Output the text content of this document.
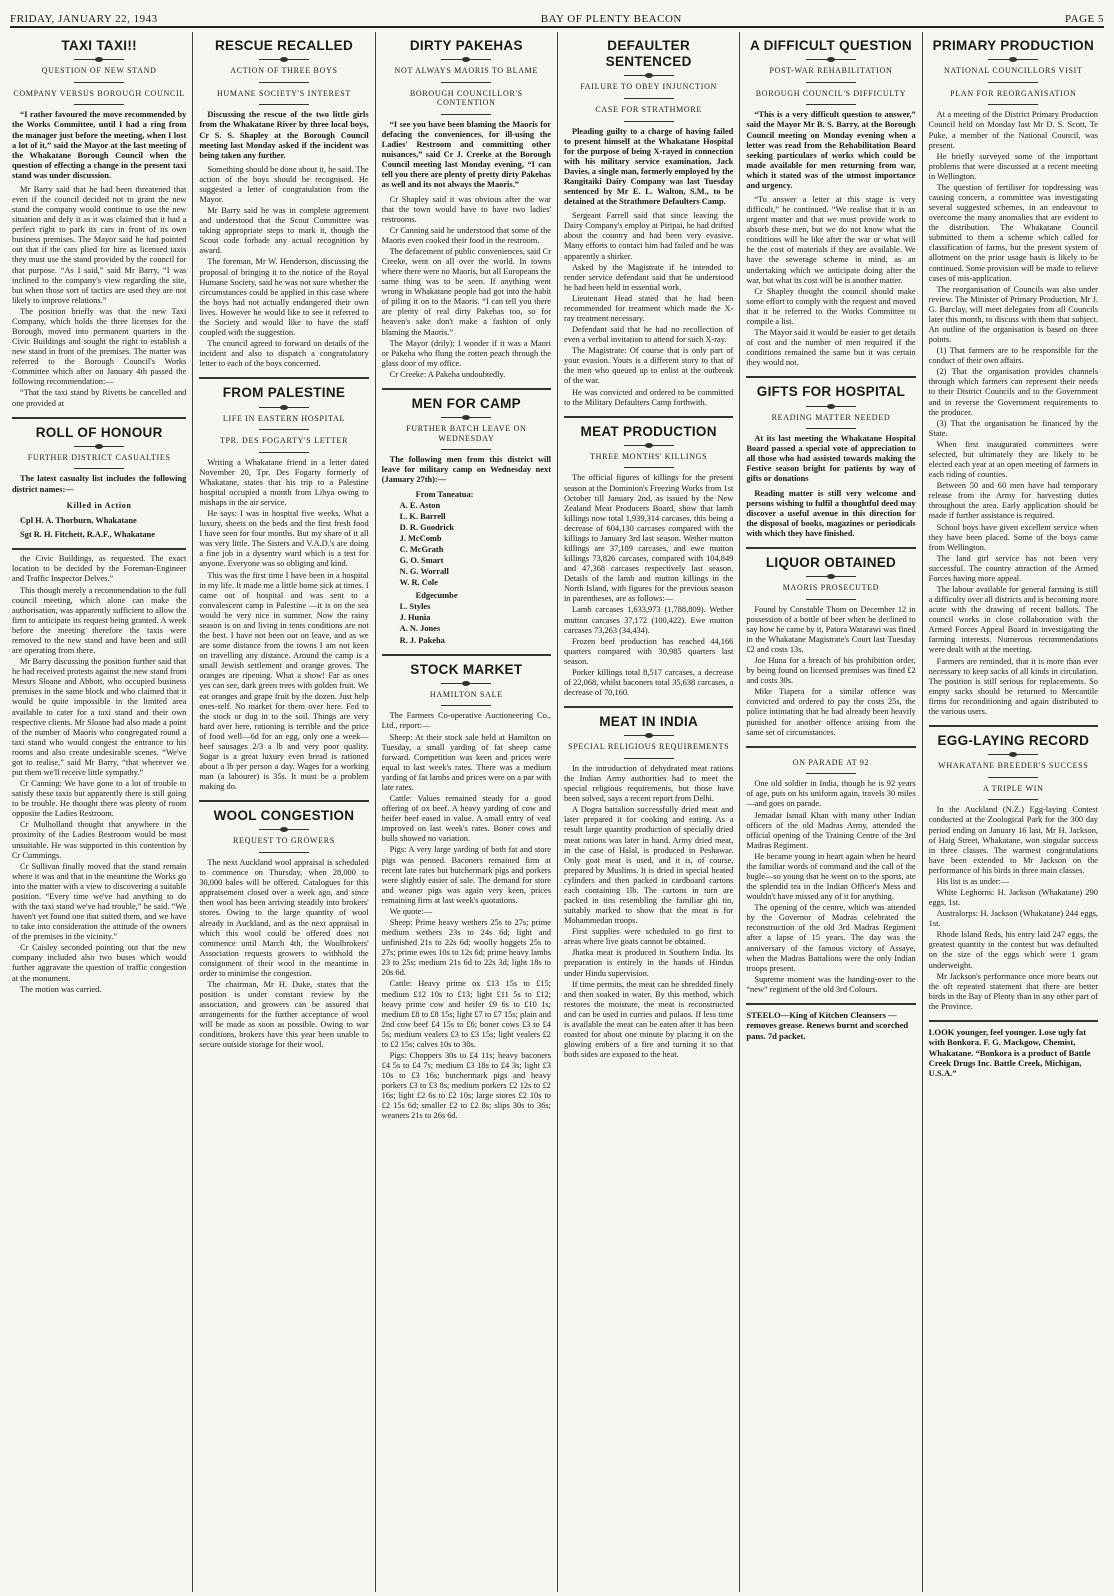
FRIDAY, JANUARY 22, 1943	BAY OF PLENTY BEACON	PAGE 5
TAXI TAXI!!
QUESTION OF NEW STAND
COMPANY VERSUS BOROUGH COUNCIL

“I rather favoured the move recommended by the Works Committee, until I had a ring from the manager just before the meeting, when I lost a lot of it,” said the Mayor at the last meeting of the Whakatane Borough Council when the question of effecting a change in the present taxi stand was under discussion.

Mr Barry said that he had been threatened that even if the council decided not to grant the new stand the company would continue to use the new situation and defy it as it was claimed that it had a perfect right to park its cars in front of its own business premises. The Mayor said he had pointed out that if the cars plied for hire as licensed taxis they must use the stand provided by the council for that purpose. “As I said,” said Mr Barry, “I was inclined to the company's view regarding the site, but when those sort of tactics are used they are not likely to improve relations.”

The position briefly was that the new Taxi Company, which holds the three licenses for the Borough, moved into permanent quarters in the Civic Buildings and sought the right to establish a new stand in front of the premises. The matter was referred to the Borough Council's Works Committee which after on January 4th passed the following recommendation:—

“That the taxi stand by Rivetts be cancelled and one provided at

ROLL OF HONOUR
FURTHER DISTRICT CASUALTIES

The latest casualty list includes the following district names:—

Killed in Action

Cpl H. A. Thorburn, Whakatane

Sgt R. H. Fitchett, R.A.F., Whakatane

the Civic Buildings, as requested. The exact location to be decided by the Foreman-Engineer and Traffic Inspector Delves.”

This though merely a recommendation to the full council meeting, which alone can make the authorisation, was apparently sufficient to allow the firm to anticipate its request being granted. A week before the meeting therefore the taxis were removed to the new stand and have been and still are operating from there.

Mr Barry discussing the position further said that he had received protests against the new stand from Messrs Sloane and Abbott, who occupied business premises in the same block and who claimed that it would be quite impossible in the limited area available to cater for a taxi stand and their own respective clients. Mr Sloane had also made a point of the number of Maoris who congregated round a taxi stand who would congest the entrance to his rooms and also create undesirable scenes. “We've got to realise,” said Mr Barry, “that wherever we put them we'll receive little sympathy.”

Cr Canning: We have gone to a lot of trouble to satisfy these taxis but apparently there is still going to be trouble. He thought there was plenty of room opposite the Ladies Restroom.

Cr Mulholland thought that anywhere in the proximity of the Ladies Restroom would be most unsuitable. He was supported in this contention by Cr Cummings.

Cr Sullivan finally moved that the stand remain where it was and that in the meantime the Works go into the matter with a view to discovering a suitable position. “Every time we've had anything to do with the taxi stand we've had trouble,” he said. “We haven't yet found one that suited them, and we have to take into consideration the attitude of the owners of the premises in the vicinity.”

Cr Caisley seconded pointing out that the new company included also two buses which would further aggravate the question of traffic congestion at the monument.

The motion was carried.

RESCUE RECALLED
ACTION OF THREE BOYS
HUMANE SOCIETY'S INTEREST

Discussing the rescue of the two little girls from the Whakatane River by three local boys, Cr S. S. Shapley at the Borough Council meeting last Monday asked if the incident was being taken any further.

Something should be done about it, he said. The action of the boys should be recognised. He suggested a letter of congratulation from the Mayor.

Mr Barry said he was in complete agreement and understood that the Scout Committee was taking appropriate steps to mark it, though the Scout code forbade any actual recognition by award.

The foreman, Mr W. Henderson, discussing the proposal of bringing it to the notice of the Royal Humane Society, said he was not sure whether the circumstances could be applied in this case where the boys had not actually endangered their own lives. However he would like to see it referred to the Society and would like to have the staff coupled with the suggestion.

The council agreed to forward on details of the incident and also to dispatch a congratulatory letter to each of the boys concerned.

FROM PALESTINE
LIFE IN EASTERN HOSPITAL
TPR. DES FOGARTY'S LETTER

Writing a Whakatane friend in a letter dated November 20, Tpr. Des Fogarty formerly of Whakatane, states that his trip to a Palestine hospital occupied a month from Libya owing to mishaps in the air service.

He says: I was in hospital five weeks. What a luxury, sheets on the beds and the first fresh food I have seen for four months. But my share of it all was very little. The Sisters and V.A.D.'s are doing a fine job in a dysentry ward which is a test for anyone. Everyone was so obliging and kind.

This was the first time I have been in a hospital in my life. It made me a little home sick at times. I came out of hospital and was sent to a convalescent camp in Palestine —it is on the sea would be very nice in summer. Now the rainy season is on and living in tents conditions are not the best. I have not been out on leave, and as we are some distance from the towns I am not keen on travelling any distance. Around the camp is a small Jewish settlement and orange groves. The oranges are ripening. What a show! Far as ones yes can see, dark green trees with golden fruit. We eat oranges and grape fruit by the dozen. Just help ones-self. No market for them over here. Fed to the stock or dug in to the soil. Things are very hard over here, rationing is terrible and the price of food well—6d for an egg, only one a week—beef sausages 2/3 a lb and very poor quality. Sugar is a great luxury even bread is rationed about a lb per person a day. Wages for a working man (a labourer) is 35s. It must be a problem making do.

WOOL CONGESTION
REQUEST TO GROWERS

The next Auckland wool appraisal is scheduled to commence on Thursday, when 28,000 to 30,000 bales will be offered. Catalogues for this appraisement closed over a week ago, and since then wool has been arriving steadily into brokers' stores. Owing to the large quantity of wool already in Auckland, and as the next appraisal in which this wool could be offered does not commence until March 4th, the Woolbrokers' Association requests growers to withhold the consignment of their wool in the meantime in order to minimise the congestion.

The chairman, Mr H. Duke, states that the position is under constant review by the association, and growers can be assured that arrangements for the further acceptance of wool will be made as soon as possible. Owing to war conditions, brokers have this year been unable to secure outside storage for their wool.

DIRTY PAKEHAS
NOT ALWAYS MAORIS TO BLAME
BOROUGH COUNCILLOR'S CONTENTION

“I see you have been blaming the Maoris for defacing the conveniences, for ill-using the Ladies' Restroom and committing other nuisances,” said Cr J. Creeke at the Borough Council meeting last Monday evening, “I can tell you there are plenty of pretty dirty Pakehas as well and its not always the Maoris.”

Cr Shapley said it was obvious after the war that the town would have to have two ladies' restrooms.

Cr Canning said he understood that some of the Maoris even cooked their food in the restroom.

The defacement of public conveniences, said Cr Creeke, went on all over the world. In towns where there were no Maoris, but all Europeans the same thing was to be seen. If anything went wrong in Whakatane people had got into the habit of piling it on to the Maoris. “I can tell you there are plenty of real dirty Pakehas too, so for heaven's sake don't make a fashion of only blaming the Maoris.”

The Mayor (drily): I wonder if it was a Maori or Pakeha who flung the rotten peach through the glass door of my office.

Cr Creeke: A Pakeha undoubtedly.

MEN FOR CAMP
FURTHER BATCH LEAVE ON WEDNESDAY

The following men from this district will leave for military camp on Wednesday next (January 27th):—

From Taneatua:
A. E. Aston
L. K. Barrell
D. R. Goodrick
J. McComb
C. McGrath
G. O. Smart
N. G. Worrall
W. R. Cole
Edgecumbe
L. Styles
J. Hunia
A. N. Jones
R. J. Pakeha
STOCK MARKET
HAMILTON SALE

The Farmers Co-operative Auctioneering Co., Ltd., report:—

Sheep: At their stock sale held at Hamilton on Tuesday, a small yarding of fat sheep came forward. Competition was keen and prices were equal to last week's rates. There was a medium yarding of fat lambs and prices were on a par with late rates.

Cattle: Values remained steady for a good offering of ox beef. A heavy yarding of cow and heifer beef eased in value. A small entry of veal improved on last week's rates. Boner cows and bulls showed no variation.

Pigs: A very large yarding of both fat and store pigs was penned. Baconers remained firm at recent late rates but butchermark pigs and porkers were slightly easier of sale. The demand for store and weaner pigs was again very keen, prices remaining firm at last week's quotations.

We quote:—

Sheep: Prime heavy wethers 25s to 27s; prime medium wethers 23s to 24s 6d; light and unfinished 21s to 22s 6d; woolly hoggets 25s to 27s; prime ewes 10s to 12s 6d; prime heavy lambs 23 to 25s; medium 21s 6d to 22s 3d; light 18s to 20s 6d.

Cattle: Heavy prime ox £13 15s to £15; medium £12 10s to £13; light £11 5s to £12; heavy prime cow and heifer £9 6s to £10 1s; medium £8 to £8 15s; light £7 to £7 15s; plain and 2nd cow beef £4 15s to £6; boner cows £3 to £4 5s; medium vealers £3 to £3 15s; light vealers £2 to £2 15s; calves 10s to 30s.

Pigs: Choppers 30s to £4 11s; heavy baconers £4 5s to £4 7s; medium £3 18s to £4 3s; light £3 10s to £3 16s; butchermark pigs and heavy porkers £3 to £3 8s; medium porkers £2 12s to £2 16s; light £2 6s to £2 10s; large stores £2 10s to £2 15s 6d; smaller £2 to £2 8s; slips 30s to 36s; weaners 21s to 26s 6d.

DEFAULTER SENTENCED
FAILURE TO OBEY INJUNCTION
CASE FOR STRATHMORE

Pleading guilty to a charge of having failed to present himself at the Whakatane Hospital for the purpose of being X-rayed in connection with his military service examination, Jack Davies, a single man, formerly employed by the Rangitaiki Dairy Company was last Tuesday sentenced by Mr E. L. Walton, S.M., to be detained at the Strathmore Defaulters Camp.

Sergeant Farrell said that since leaving the Dairy Company's employ at Piripai, he had drifted about the country and had been very evasive. Many efforts to contact him had failed and he was apparently a shirker.

Asked by the Magistrate if he intended to render service defendant said that he understood he had been held in essential work.

Lieutenant Head stated that he had been recommended for treatment which made the X-ray treatment necessary.

Defendant said that he had no recollection of even a verbal invitation to attend for such X-ray.

The Magistrate: Of course that is only part of your evasion. Yours is a different story to that of the men who queued up to enlist at the outbreak of the war.

He was convicted and ordered to be committed to the Military Defaulters Camp forthwith.

MEAT PRODUCTION
THREE MONTHS' KILLINGS

The official figures of killings for the present season at the Dominion's Freezing Works from 1st October till January 2nd, as issued by the New Zealand Meat Producers Board, show that lamb killings now total 1,939,314 carcases, this being a decrease of 604,130 carcases compared with the killings to January 3rd last season. Wether mutton killings are 37,189 carcases, and ewe mutton killings 73,826 carcases, compared with 104,849 and 47,368 carcases respectively last season. Details of the lamb and mutton killings in the North Island, with figures for the previous season in parentheses, are as follows:—

Lamb carcases 1,633,973 (1,788,809). Wether mutton carcases 37,172 (100,422). Ewe mutton carcases 73,263 (34,434).

Frozen beef production has reached 44,166 quarters compared with 30,985 quarters last season.

Porker killings total 8,517 carcases, a decrease of 22,068, whilst baconers total 35,638 carcases, a decrease of 70,160.

MEAT IN INDIA
SPECIAL RELIGIOUS REQUIREMENTS

In the introduction of dehydrated meat rations the Indian Army authorities had to meet the special religious requirements, but those have been solved, says a recent report from Delhi.

A Dogra battalion successfully dried meat and later prepared it for cooking and eating. As a result large quantity production of specially dried meat rations was later in hand. Army dried meat, in the case of Halal, is produced in Peshawar. Only goat meat is used, and it is, of course, prepared by Muslims. It is dried in special heated cylinders and then packed in cardboard cartons each containing 1lb. The cartons in turn are packed in tins resembling the familiar ghi tin, suitably marked to show that the meat is for Mohammedan troops.

First supplies were scheduled to go first to areas where live goats cannot be obtained.

Jhatka meat is produced in Southern India. Its preparation is entirely in the hands of Hindus under Hindu supervision.

If time permits, the meat can be shredded finely and then soaked in water. By this method, which restores the moisture, the meat is reconstructed and can be used in curries and pulaos. If less time is available the meat can be eaten after it has been roasted for about one minute by placing it on the glowing embers of a fire and turning it so that both sides are exposed to the heat.

A DIFFICULT QUESTION
POST-WAR REHABILITATION
BOROUGH COUNCIL'S DIFFICULTY

“This is a very difficult question to answer,” said the Mayor Mr B. S. Barry, at the Borough Council meeting on Monday evening when a letter was read from the Rehabilitation Board seeking particulars of works which could be made available for men returning from war, which it stated was of the utmost importance and urgency.

“To answer a letter at this stage is very difficult,” he continued. “We realise that it is an urgent matter and that we must provide work to absorb these men, but we do not know what the conditions will be like after the war or what will be the cost of materials if they are available. We have the sewerage scheme in mind, as an undertaking which we anticipate doing after the war, but what its cost will be is another matter.

Cr Shapley thought the council should make some effort to comply with the request and moved that it be referred to the Works Committee to compile a list.

The Mayor said it would be easier to get details of cost and the number of men required if the conditions remained the same but it was certain they would not.

GIFTS FOR HOSPITAL
READING MATTER NEEDED

At its last meeting the Whakatane Hospital Board passed a special vote of appreciation to all those who had assisted towards making the Festive season bright for patients by way of gifts or donations

Reading matter is still very welcome and persons wishing to fulfil a thoughtful deed may discover a useful avenue in this direction for the disposal of books, magazines or periodicals with which they have finished.

LIQUOR OBTAINED
MAORIS PROSECUTED

Found by Constable Thom on December 12 in possession of a bottle of beer when he declined to say how he came by it, Patora Watarawi was fined in the Whakatane Magistrate's Court last Tuesday £2 and costs 13s.

Joe Huna for a breach of his prohibition order, by being found on licensed premises was fined £2 and costs 30s.

Mike Tiapera for a similar offence was convicted and ordered to pay the costs 25s, the police intimating that he had already been heavily punished for another offence arising from the same set of circumstances.

ON PARADE AT 92

One old soldier in India, though he is 92 years of age, puts on his uniform again, travels 30 miles—and goes on parade.

Jemadar Ismail Khan with many other Indian officers of the old Madras Army, attended the official opening of the Training Centre of the 3rd Madras Regiment.

He became young in heart again when he heard the familiar words of command and the call of the bugle—so young that he went on to the sports, ate the splendid tea in the Indian Officer's Mess and wouldn't have missed any of it for anything.

The opening of the centre, which was attended by the Governor of Madras celebrated the reconstruction of the old 3rd Madras Regiment after a lapse of 15 years. The day was the anniversary of the famous victory of Assaye, when the Madras Battalions were the only Indian troops present.

Supreme moment was the handing-over to the “new” regiment of the old 3rd Colours.

STEELO—King of Kitchen Cleansers —removes grease. Renews burnt and scorched pans. 7d packet.
PRIMARY PRODUCTION
NATIONAL COUNCILLORS VISIT
PLAN FOR REORGANISATION

At a meeting of the District Primary Production Council held on Monday last Mr D. S. Scott, Te Puke, a member of the National Council, was present.

He briefly surveyed some of the important problems that were discussed at a recent meeting in Wellington.

The question of fertiliser for topdressing was causing concern, a committee was investigating several suggested schemes, in an endeavour to overcome the many anomalies that are evident to the distribution. The Whakatane Council submitted to them a scheme which called for classification of farms, but the present system of allotment on the prior usage basis is likely to be continued. Some provision will be made to relieve cases of mis-application.

The reorganisation of Councils was also under review. The Minister of Primary Production, Mr J. G. Barclay, will meet delegates from all Councils later this month, to discuss with them that subject. An outline of the organisation is based on three points.

(1) That farmers are to be responsible for the conduct of their own affairs.

(2) That the organisation provides channels through which farmers can represent their needs to their District Councils and to the Government and in reverse the Government requirements to the producer.

(3) That the organisation be financed by the State.

When first inaugurated committees were selected, but ultimately they are likely to be elected each year at an open meeting of farmers in each riding of counties.

Between 50 and 60 men have had temporary release from the Army for harvesting duties throughout the area. Early application should be made if further assistance is required.

School boys have given excellent service when they have been placed. Some of the boys came from Wellington.

The land girl service has not been very successful. The country attraction of the Armed Forces having more appeal.

The labour available for general farming is still a difficulty over all districts and is becoming more acute with the drawing of recent ballots. The council works in close collaboration with the Armed Forces Appeal Board in investigating the farming interests. Numerous recommendations were dealt with at the meeting.

Farmers are reminded, that it is more than ever necessary to keep sacks of all kinds in circulation. The position is still serious for replacements. So empty sacks should be returned to Mercantile firms for reconditioning and again distributed to the various users.

EGG-LAYING RECORD
WHAKATANE BREEDER'S SUCCESS
A TRIPLE WIN

In the Auckland (N.Z.) Egg-laying Contest conducted at the Zoological Park for the 300 day period ending on January 16 last, Mr H. Jackson, of Haig Street, Whakatane, won singular success in three classes. The warmest congratulations have been extended to Mr Jackson on the performance of his birds in three main classes.

His list is as under:—

White Leghorns: H. Jackson (Whakatane) 290 eggs, 1st.

Australorps: H. Jackson (Whakatane) 244 eggs, 1st.

Rhode Island Reds, his entry laid 247 eggs, the greatest quantity in the contest but was defaulted on the size of the eggs which were 1 gram underweight.

Mr Jackson's performance once more bears out the oft repeated statement that there are better birds in the Bay of Plenty than in any other part of the Province.

LOOK younger, feel younger. Lose ugly fat with Bonkora. F. G. Mackgow, Chemist, Whakatane. “Bonkora is a product of Battle Creek Drugs Inc. Battle Creek, Michigan, U.S.A.”
